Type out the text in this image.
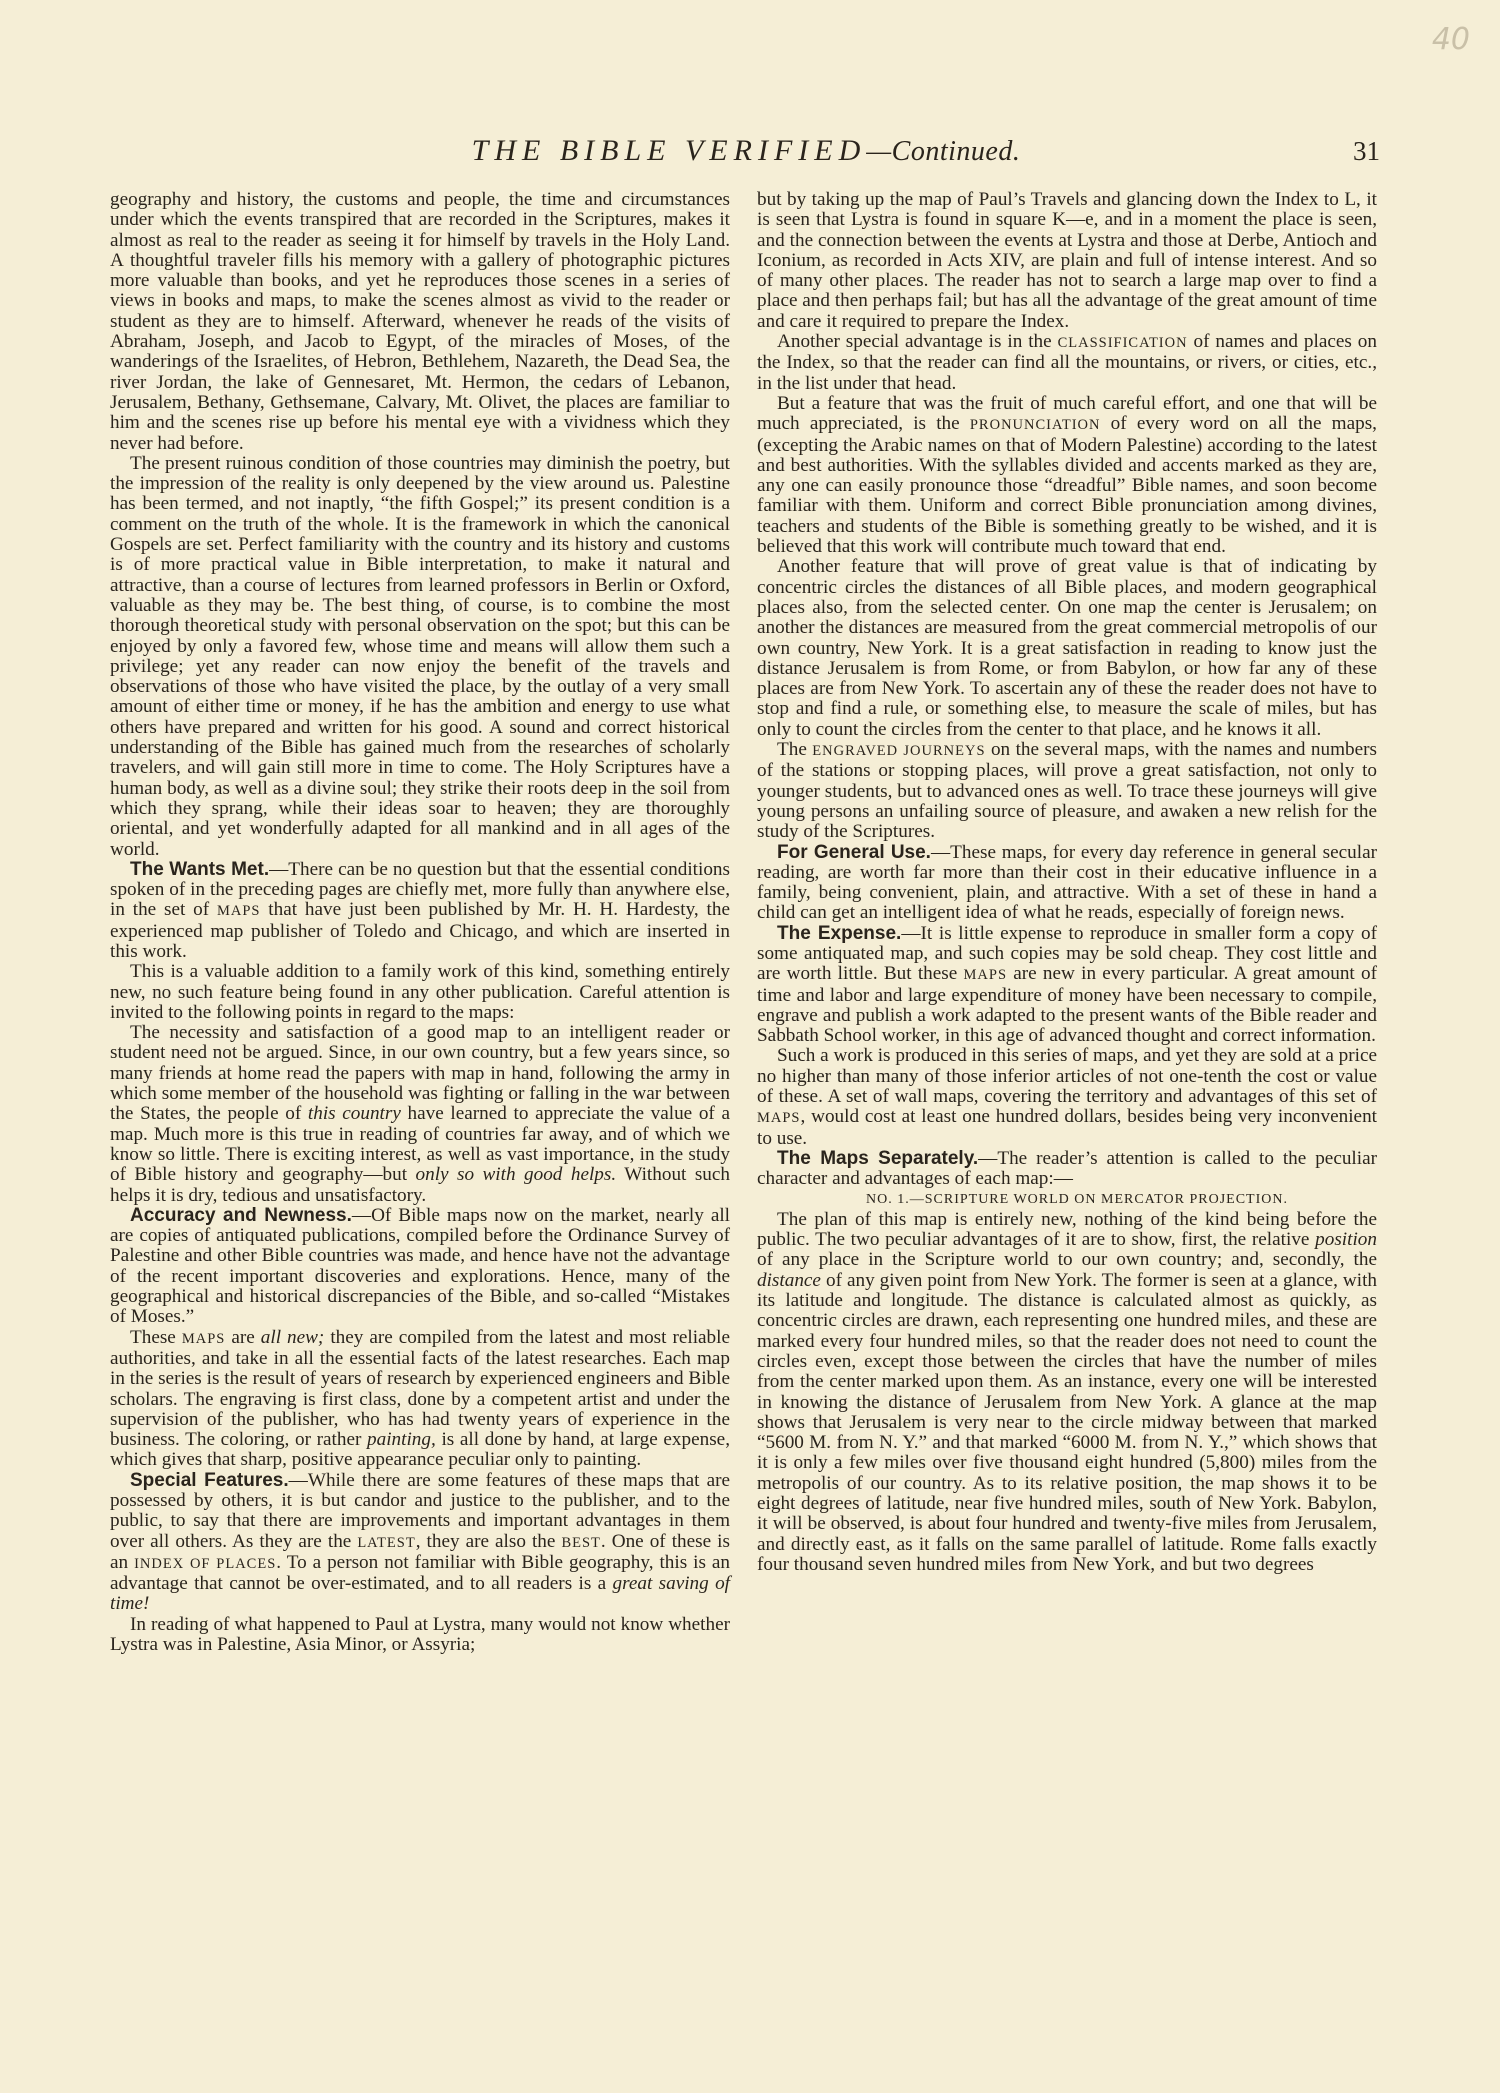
40
THE BIBLE VERIFIED—Continued.	31

geography and history, the customs and people, the time and circumstances under which the events transpired that are recorded in the Scriptures, makes it almost as real to the reader as seeing it for himself by travels in the Holy Land. A thoughtful traveler fills his memory with a gallery of photographic pictures more valuable than books, and yet he reproduces those scenes in a series of views in books and maps, to make the scenes almost as vivid to the reader or student as they are to himself. Afterward, whenever he reads of the visits of Abraham, Joseph, and Jacob to Egypt, of the miracles of Moses, of the wanderings of the Israelites, of Hebron, Bethlehem, Nazareth, the Dead Sea, the river Jordan, the lake of Gennesaret, Mt. Hermon, the cedars of Lebanon, Jerusalem, Bethany, Gethsemane, Calvary, Mt. Olivet, the places are familiar to him and the scenes rise up before his mental eye with a vividness which they never had before.

The present ruinous condition of those countries may diminish the poetry, but the impression of the reality is only deepened by the view around us. Palestine has been termed, and not inaptly, “the fifth Gospel;” its present condition is a comment on the truth of the whole. It is the framework in which the canonical Gospels are set. Perfect familiarity with the country and its history and customs is of more practical value in Bible interpretation, to make it natural and attractive, than a course of lectures from learned professors in Berlin or Oxford, valuable as they may be. The best thing, of course, is to combine the most thorough theoretical study with personal observation on the spot; but this can be enjoyed by only a favored few, whose time and means will allow them such a privilege; yet any reader can now enjoy the benefit of the travels and observations of those who have visited the place, by the outlay of a very small amount of either time or money, if he has the ambition and energy to use what others have prepared and written for his good. A sound and correct historical understanding of the Bible has gained much from the researches of scholarly travelers, and will gain still more in time to come. The Holy Scriptures have a human body, as well as a divine soul; they strike their roots deep in the soil from which they sprang, while their ideas soar to heaven; they are thoroughly oriental, and yet wonderfully adapted for all mankind and in all ages of the world.

The Wants Met.—There can be no question but that the essential conditions spoken of in the preceding pages are chiefly met, more fully than anywhere else, in the set of MAPS that have just been published by Mr. H. H. Hardesty, the experienced map publisher of Toledo and Chicago, and which are inserted in this work.

This is a valuable addition to a family work of this kind, something entirely new, no such feature being found in any other publication. Careful attention is invited to the following points in regard to the maps:

The necessity and satisfaction of a good map to an intelligent reader or student need not be argued. Since, in our own country, but a few years since, so many friends at home read the papers with map in hand, following the army in which some member of the household was fighting or falling in the war between the States, the people of this country have learned to appreciate the value of a map. Much more is this true in reading of countries far away, and of which we know so little. There is exciting interest, as well as vast importance, in the study of Bible history and geography—but only so with good helps. Without such helps it is dry, tedious and unsatisfactory.

Accuracy and Newness.—Of Bible maps now on the market, nearly all are copies of antiquated publications, compiled before the Ordinance Survey of Palestine and other Bible countries was made, and hence have not the advantage of the recent important discoveries and explorations. Hence, many of the geographical and historical discrepancies of the Bible, and so-called “Mistakes of Moses.”

These MAPS are all new; they are compiled from the latest and most reliable authorities, and take in all the essential facts of the latest researches. Each map in the series is the result of years of research by experienced engineers and Bible scholars. The engraving is first class, done by a competent artist and under the supervision of the publisher, who has had twenty years of experience in the business. The coloring, or rather painting, is all done by hand, at large expense, which gives that sharp, positive appearance peculiar only to painting.

Special Features.—While there are some features of these maps that are possessed by others, it is but candor and justice to the publisher, and to the public, to say that there are improvements and important advantages in them over all others. As they are the LATEST, they are also the BEST. One of these is an INDEX OF PLACES. To a person not familiar with Bible geography, this is an advantage that cannot be over-estimated, and to all readers is a great saving of time!

In reading of what happened to Paul at Lystra, many would not know whether Lystra was in Palestine, Asia Minor, or Assyria;

but by taking up the map of Paul’s Travels and glancing down the Index to L, it is seen that Lystra is found in square K—e, and in a moment the place is seen, and the connection between the events at Lystra and those at Derbe, Antioch and Iconium, as recorded in Acts XIV, are plain and full of intense interest. And so of many other places. The reader has not to search a large map over to find a place and then perhaps fail; but has all the advantage of the great amount of time and care it required to prepare the Index.

Another special advantage is in the CLASSIFICATION of names and places on the Index, so that the reader can find all the mountains, or rivers, or cities, etc., in the list under that head.

But a feature that was the fruit of much careful effort, and one that will be much appreciated, is the PRONUNCIATION of every word on all the maps, (excepting the Arabic names on that of Modern Palestine) according to the latest and best authorities. With the syllables divided and accents marked as they are, any one can easily pronounce those “dreadful” Bible names, and soon become familiar with them. Uniform and correct Bible pronunciation among divines, teachers and students of the Bible is something greatly to be wished, and it is believed that this work will contribute much toward that end.

Another feature that will prove of great value is that of indicating by concentric circles the distances of all Bible places, and modern geographical places also, from the selected center. On one map the center is Jerusalem; on another the distances are measured from the great commercial metropolis of our own country, New York. It is a great satisfaction in reading to know just the distance Jerusalem is from Rome, or from Babylon, or how far any of these places are from New York. To ascertain any of these the reader does not have to stop and find a rule, or something else, to measure the scale of miles, but has only to count the circles from the center to that place, and he knows it all.

The ENGRAVED JOURNEYS on the several maps, with the names and numbers of the stations or stopping places, will prove a great satisfaction, not only to younger students, but to advanced ones as well. To trace these journeys will give young persons an unfailing source of pleasure, and awaken a new relish for the study of the Scriptures.

For General Use.—These maps, for every day reference in general secular reading, are worth far more than their cost in their educative influence in a family, being convenient, plain, and attractive. With a set of these in hand a child can get an intelligent idea of what he reads, especially of foreign news.

The Expense.—It is little expense to reproduce in smaller form a copy of some antiquated map, and such copies may be sold cheap. They cost little and are worth little. But these MAPS are new in every particular. A great amount of time and labor and large expenditure of money have been necessary to compile, engrave and publish a work adapted to the present wants of the Bible reader and Sabbath School worker, in this age of advanced thought and correct information.

Such a work is produced in this series of maps, and yet they are sold at a price no higher than many of those inferior articles of not one-tenth the cost or value of these. A set of wall maps, covering the territory and advantages of this set of MAPS, would cost at least one hundred dollars, besides being very inconvenient to use.

The Maps Separately.—The reader’s attention is called to the peculiar character and advantages of each map:—

NO. 1.—SCRIPTURE WORLD ON MERCATOR PROJECTION.

The plan of this map is entirely new, nothing of the kind being before the public. The two peculiar advantages of it are to show, first, the relative position of any place in the Scripture world to our own country; and, secondly, the distance of any given point from New York. The former is seen at a glance, with its latitude and longitude. The distance is calculated almost as quickly, as concentric circles are drawn, each representing one hundred miles, and these are marked every four hundred miles, so that the reader does not need to count the circles even, except those between the circles that have the number of miles from the center marked upon them. As an instance, every one will be interested in knowing the distance of Jerusalem from New York. A glance at the map shows that Jerusalem is very near to the circle midway between that marked “5600 M. from N. Y.” and that marked “6000 M. from N. Y.,” which shows that it is only a few miles over five thousand eight hundred (5,800) miles from the metropolis of our country. As to its relative position, the map shows it to be eight degrees of latitude, near five hundred miles, south of New York. Babylon, it will be observed, is about four hundred and twenty-five miles from Jerusalem, and directly east, as it falls on the same parallel of latitude. Rome falls exactly four thousand seven hundred miles from New York, and but two degrees
